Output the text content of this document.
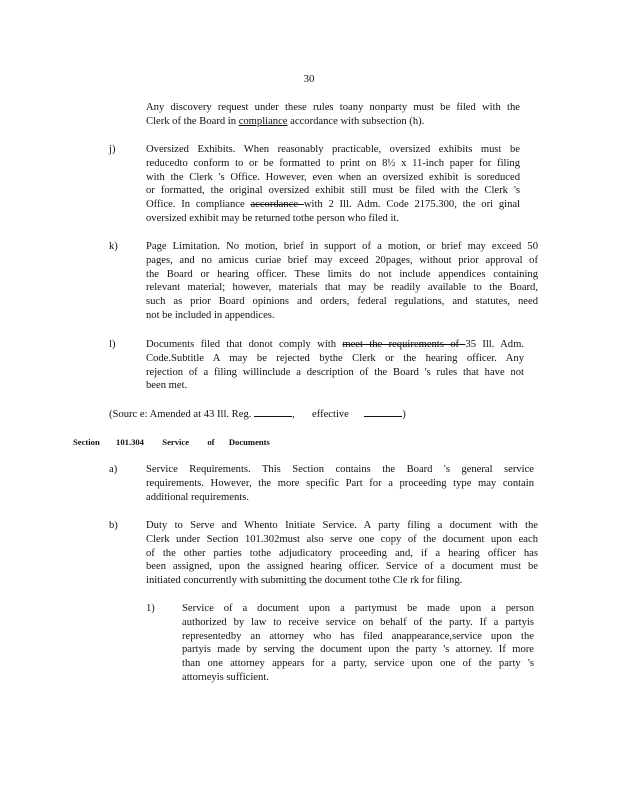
30
Any discovery request under these rules toany nonparty must be filed with the
Clerk of the Board in compliance accordance with subsection (h).
j)	Oversized Exhibits. When reasonably practicable, oversized exhibits must be
reducedto conform to or be formatted to print on 8½ x 11-inch paper for filing
with the Clerk 's Office. However, even when an oversized exhibit is soreduced
or formatted, the original oversized exhibit still must be filed with the Clerk 's
Office. In compliance accordance with 2 Ill. Adm. Code 2175.300, the ori ginal
oversized exhibit may be returned tothe person who filed it.
k)	Page Limitation. No motion, brief in support of a motion, or brief may exceed 50
pages, and no amicus curiae brief may exceed 20pages, without prior approval of
the Board or hearing officer. These limits do not include appendices containing
relevant material; however, materials that may be readily available to the Board,
such as prior Board opinions and orders, federal regulations, and statutes, need
not be included in appendices.
l)	Documents filed that donot comply with meet the requirements of 35 Ill. Adm.
Code.Subtitle A may be rejected bythe Clerk or the hearing officer. Any
rejection of a filing willinclude a description of the Board 's rules that have not
been met.
(Sourc e: Amended at 43 Ill. Reg.	, effective	)
Section 101.304 Service of Documents
a)	Service Requirements. This Section contains the Board 's general service
requirements. However, the more specific Part for a proceeding type may contain
additional requirements.
b)	Duty to Serve and Whento Initiate Service. A party filing a document with the
Clerk under Section 101.302must also serve one copy of the document upon each
of the other parties tothe adjudicatory proceeding and, if a hearing officer has
been assigned, upon the assigned hearing officer. Service of a document must be
initiated concurrently with submitting the document tothe Cle rk for filing.
1)	Service of a document upon a partymust be made upon a person
authorized by law to receive service on behalf of the party. If a partyis
representedby an attorney who has filed anappearance,service upon the
partyis made by serving the document upon the party 's attorney. If more
than one attorney appears for a party, service upon one of the party 's
attorneyis sufficient.
